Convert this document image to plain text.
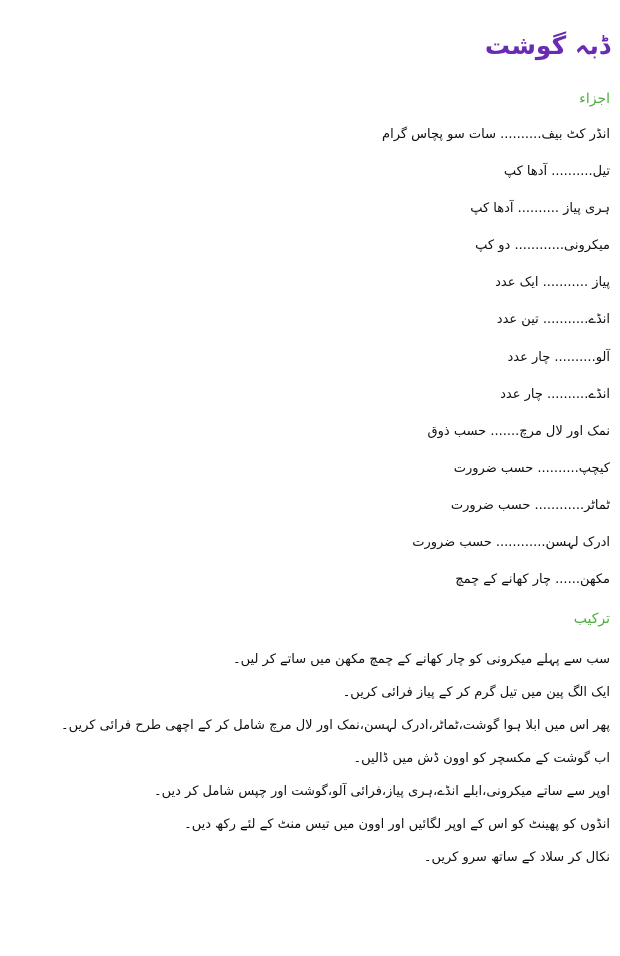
ڈبہ گوشت
اجزاء
انڈر کٹ بیف.......... سات سو پچاس گرام
تیل.......... آدھا کپ
ہری پیاز .......... آدھا کپ
میکرونی............ دو کپ
پیاز ........... ایک عدد
انڈے........... تین عدد
آلو.......... چار عدد
انڈے.......... چار عدد
نمک اور لال مرچ....... حسب ذوق
کیچپ.......... حسب ضرورت
ٹماٹر............ حسب ضرورت
ادرک لہسن............ حسب ضرورت
مکھن...... چار کھانے کے چمچ
ترکیب
سب سے پہلے میکرونی کو چار کھانے کے چمچ مکھن میں ساتے کر لیں۔
ایک الگ پین میں تیل گرم کر کے پیاز فرائی کریں۔
پھر اس میں ابلا ہوا گوشت،ٹماٹر،ادرک لہسن،نمک اور لال مرچ شامل کر کے اچھی طرح فرائی کریں۔
اب گوشت کے مکسچر کو اوون ڈش میں ڈالیں۔
اوپر سے ساتے میکرونی،ابلے انڈے،ہری پیاز،فرائی آلو،گوشت اور چپس شامل کر دیں۔
انڈوں کو پھینٹ کو اس کے اوپر لگائیں اور اوون میں تیس منٹ کے لئے رکھ دیں۔
نکال کر سلاد کے ساتھ سرو کریں۔
